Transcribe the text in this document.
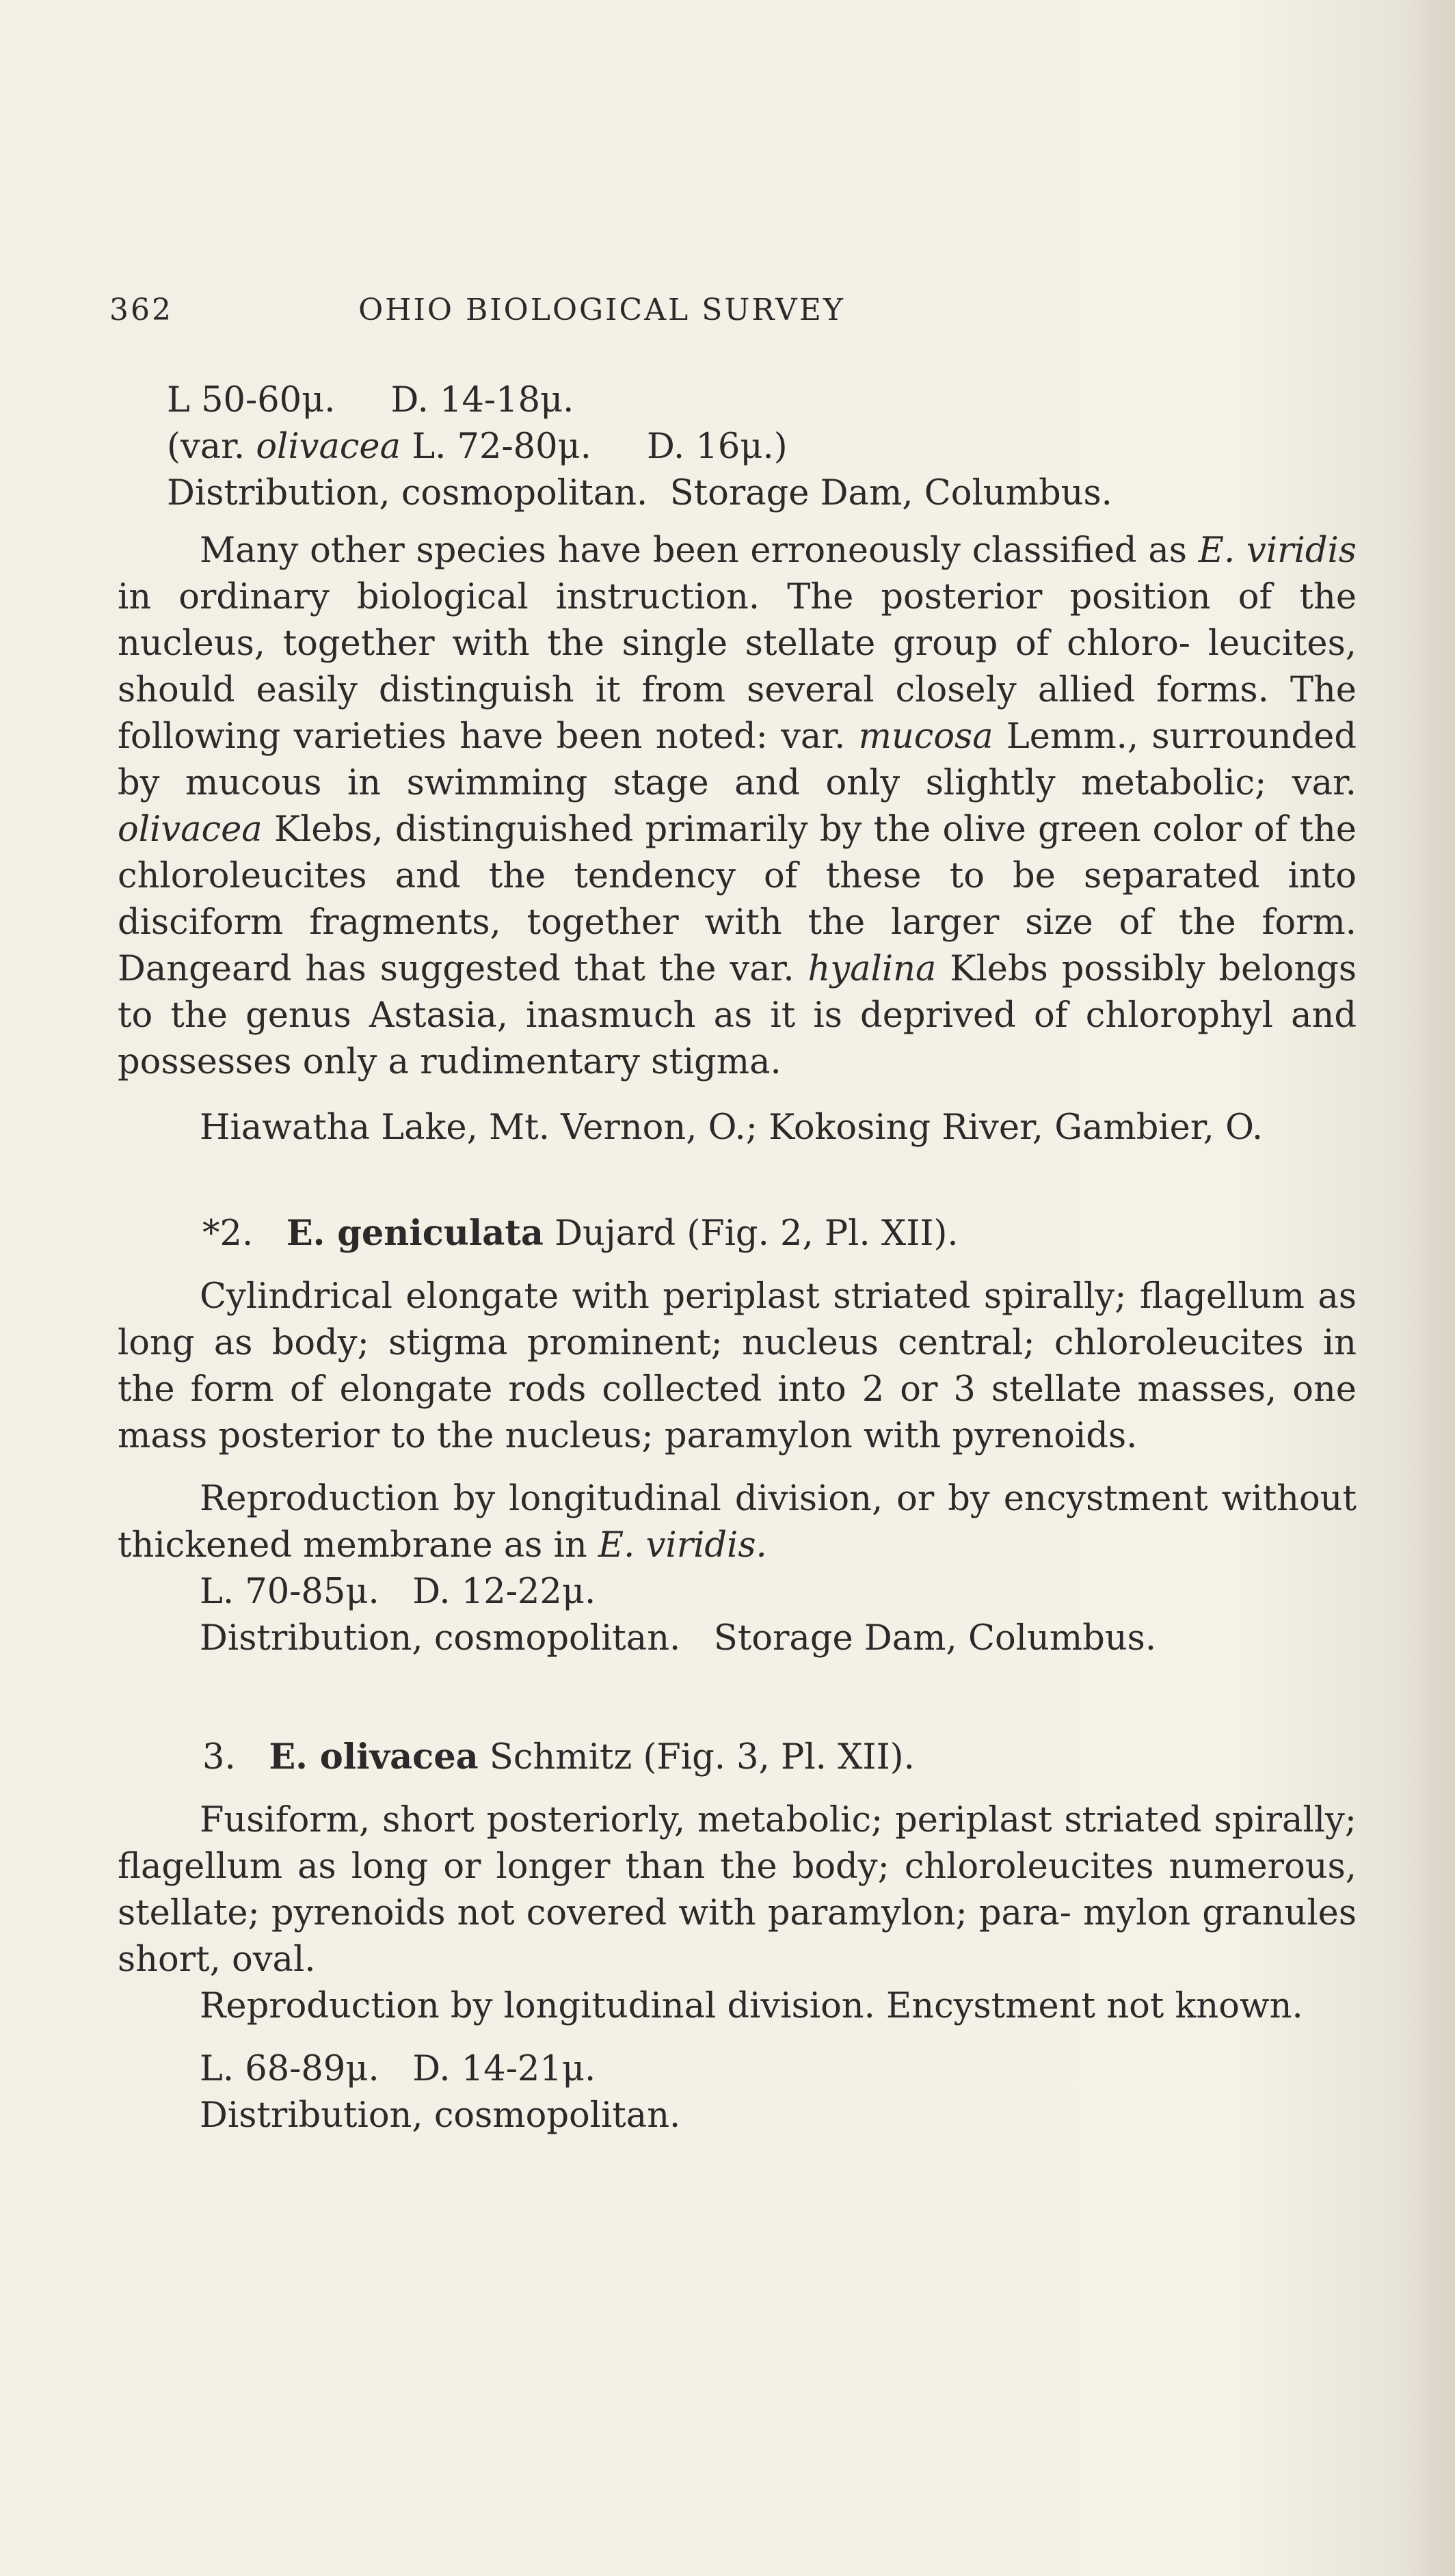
362	OHIO BIOLOGICAL SURVEY

L 50-60μ.     D. 14-18μ.

(var. olivacea L. 72-80μ.     D. 16μ.)

Distribution, cosmopolitan.  Storage Dam, Columbus.

Many other species have been erroneously classified as E. viridis in ordinary biological instruction. The posterior position of the nucleus, together with the single stellate group of chloro- leucites, should easily distinguish it from several closely allied forms. The following varieties have been noted: var. mucosa Lemm., surrounded by mucous in swimming stage and only slightly metabolic; var. olivacea Klebs, distinguished primarily by the olive green color of the chloroleucites and the tendency of these to be separated into disciform fragments, together with the larger size of the form. Dangeard has suggested that the var. hyalina Klebs possibly belongs to the genus Astasia, inasmuch as it is deprived of chlorophyl and possesses only a rudimentary stigma.

Hiawatha Lake, Mt. Vernon, O.; Kokosing River, Gambier, O.

*2. E. geniculata Dujard (Fig. 2, Pl. XII).

Cylindrical elongate with periplast striated spirally; flagellum as long as body; stigma prominent; nucleus central; chloroleucites in the form of elongate rods collected into 2 or 3 stellate masses, one mass posterior to the nucleus; paramylon with pyrenoids.

Reproduction by longitudinal division, or by encystment without thickened membrane as in E. viridis.

L. 70-85μ.   D. 12-22μ.

Distribution, cosmopolitan.   Storage Dam, Columbus.

3. E. olivacea Schmitz (Fig. 3, Pl. XII).

Fusiform, short posteriorly, metabolic; periplast striated spirally; flagellum as long or longer than the body; chloroleucites numerous, stellate; pyrenoids not covered with paramylon; para- mylon granules short, oval.

Reproduction by longitudinal division. Encystment not known.

L. 68-89μ.   D. 14-21μ.

Distribution, cosmopolitan.
